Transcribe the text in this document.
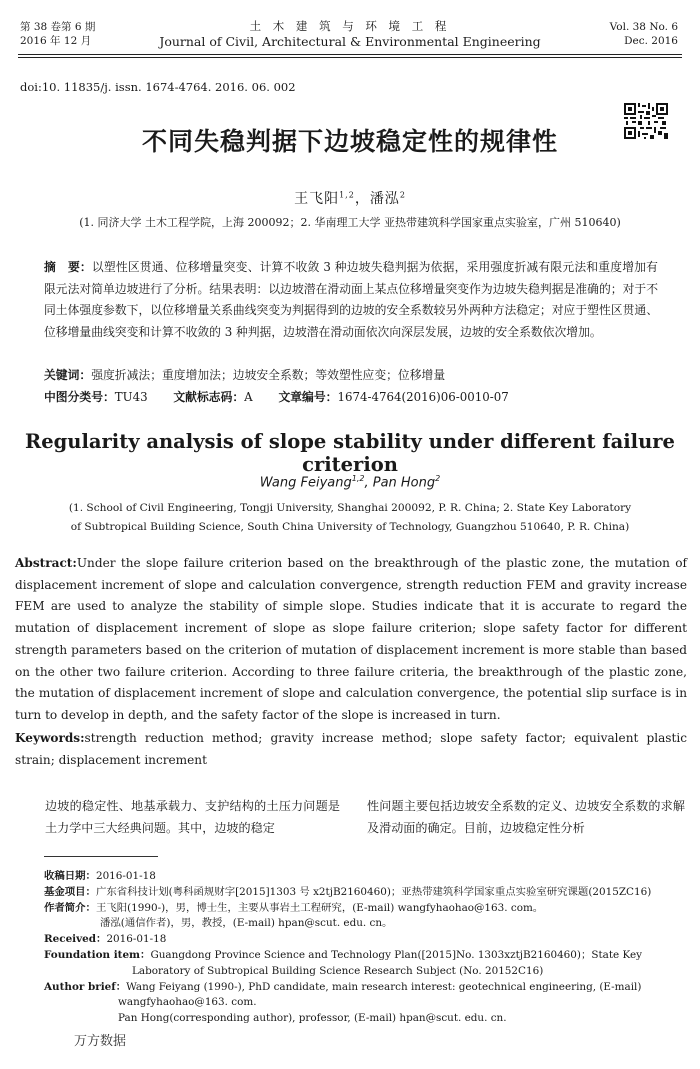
第 38 卷第 6 期
2016 年 12 月
土 木 建 筑 与 环 境 工 程
Journal of Civil, Architectural & Environmental Engineering
Vol. 38 No. 6
Dec. 2016
doi:10. 11835/j. issn. 1674-4764. 2016. 06. 002
不同失稳判据下边坡稳定性的规律性
王飞阳$^{1,2}$，潘泓$^2$
(1. 同济大学 土木工程学院，上海 200092；2. 华南理工大学 亚热带建筑科学国家重点实验室，广州 510640)
摘　要：以塑性区贯通、位移增量突变、计算不收敛 3 种边坡失稳判据为依据，采用强度折减有限元法和重度增加有限元法对简单边坡进行了分析。结果表明：以边坡潜在滑动面上某点位移增量突变作为边坡失稳判据是准确的；对于不同土体强度参数下，以位移增量关系曲线突变为判据得到的边坡的安全系数较另外两种方法稳定；对应于塑性区贯通、位移增量曲线突变和计算不收敛的 3 种判据，边坡潜在滑动面依次向深层发展，边坡的安全系数依次增加。
关键词：强度折减法；重度增加法；边坡安全系数；等效塑性应变；位移增量
中图分类号：TU43 文献标志码：A 文章编号：1674-4764(2016)06-0010-07
Regularity analysis of slope stability under different failure criterion
Wang Feiyang$^{1,2}$, Pan Hong$^2$
(1. School of Civil Engineering, Tongji University, Shanghai 200092, P. R. China; 2. State Key Laboratory
of Subtropical Building Science, South China University of Technology, Guangzhou 510640, P. R. China)
Abstract:Under the slope failure criterion based on the breakthrough of the plastic zone, the mutation of displacement increment of slope and calculation convergence, strength reduction FEM and gravity increase FEM are used to analyze the stability of simple slope. Studies indicate that it is accurate to regard the mutation of displacement increment of slope as slope failure criterion; slope safety factor for different strength parameters based on the criterion of mutation of displacement increment is more stable than based on the other two failure criterion. According to three failure criteria, the breakthrough of the plastic zone, the mutation of displacement increment of slope and calculation convergence, the potential slip surface is in turn to develop in depth, and the safety factor of the slope is increased in turn.
Keywords:strength reduction method; gravity increase method; slope safety factor; equivalent plastic strain; displacement increment
边坡的稳定性、地基承载力、支护结构的土压力问题是土力学中三大经典问题。其中，边坡的稳定
性问题主要包括边坡安全系数的定义、边坡安全系数的求解及滑动面的确定。目前，边坡稳定性分析

收稿日期：2016-01-18

基金项目：广东省科技计划(粤科函规财字[2015]1303 号 x2tjB2160460)；亚热带建筑科学国家重点实验室研究课题(2015ZC16)

作者简介：王飞阳(1990-)，男，博士生，主要从事岩土工程研究，(E-mail) wangfyhaohao@163. com。

潘泓(通信作者)，男，教授，(E-mail) hpan@scut. edu. cn。

Received：2016-01-18

Foundation item：Guangdong Province Science and Technology Plan([2015]No. 1303xztjB2160460)；State Key Laboratory of Subtropical Building Science Research Subject (No. 20152C16)

Author brief：Wang Feiyang (1990-), PhD candidate, main research interest: geotechnical engineering, (E-mail) wangfyhaohao@163. com.

Pan Hong(corresponding author), professor, (E-mail) hpan@scut. edu. cn.

万方数据
